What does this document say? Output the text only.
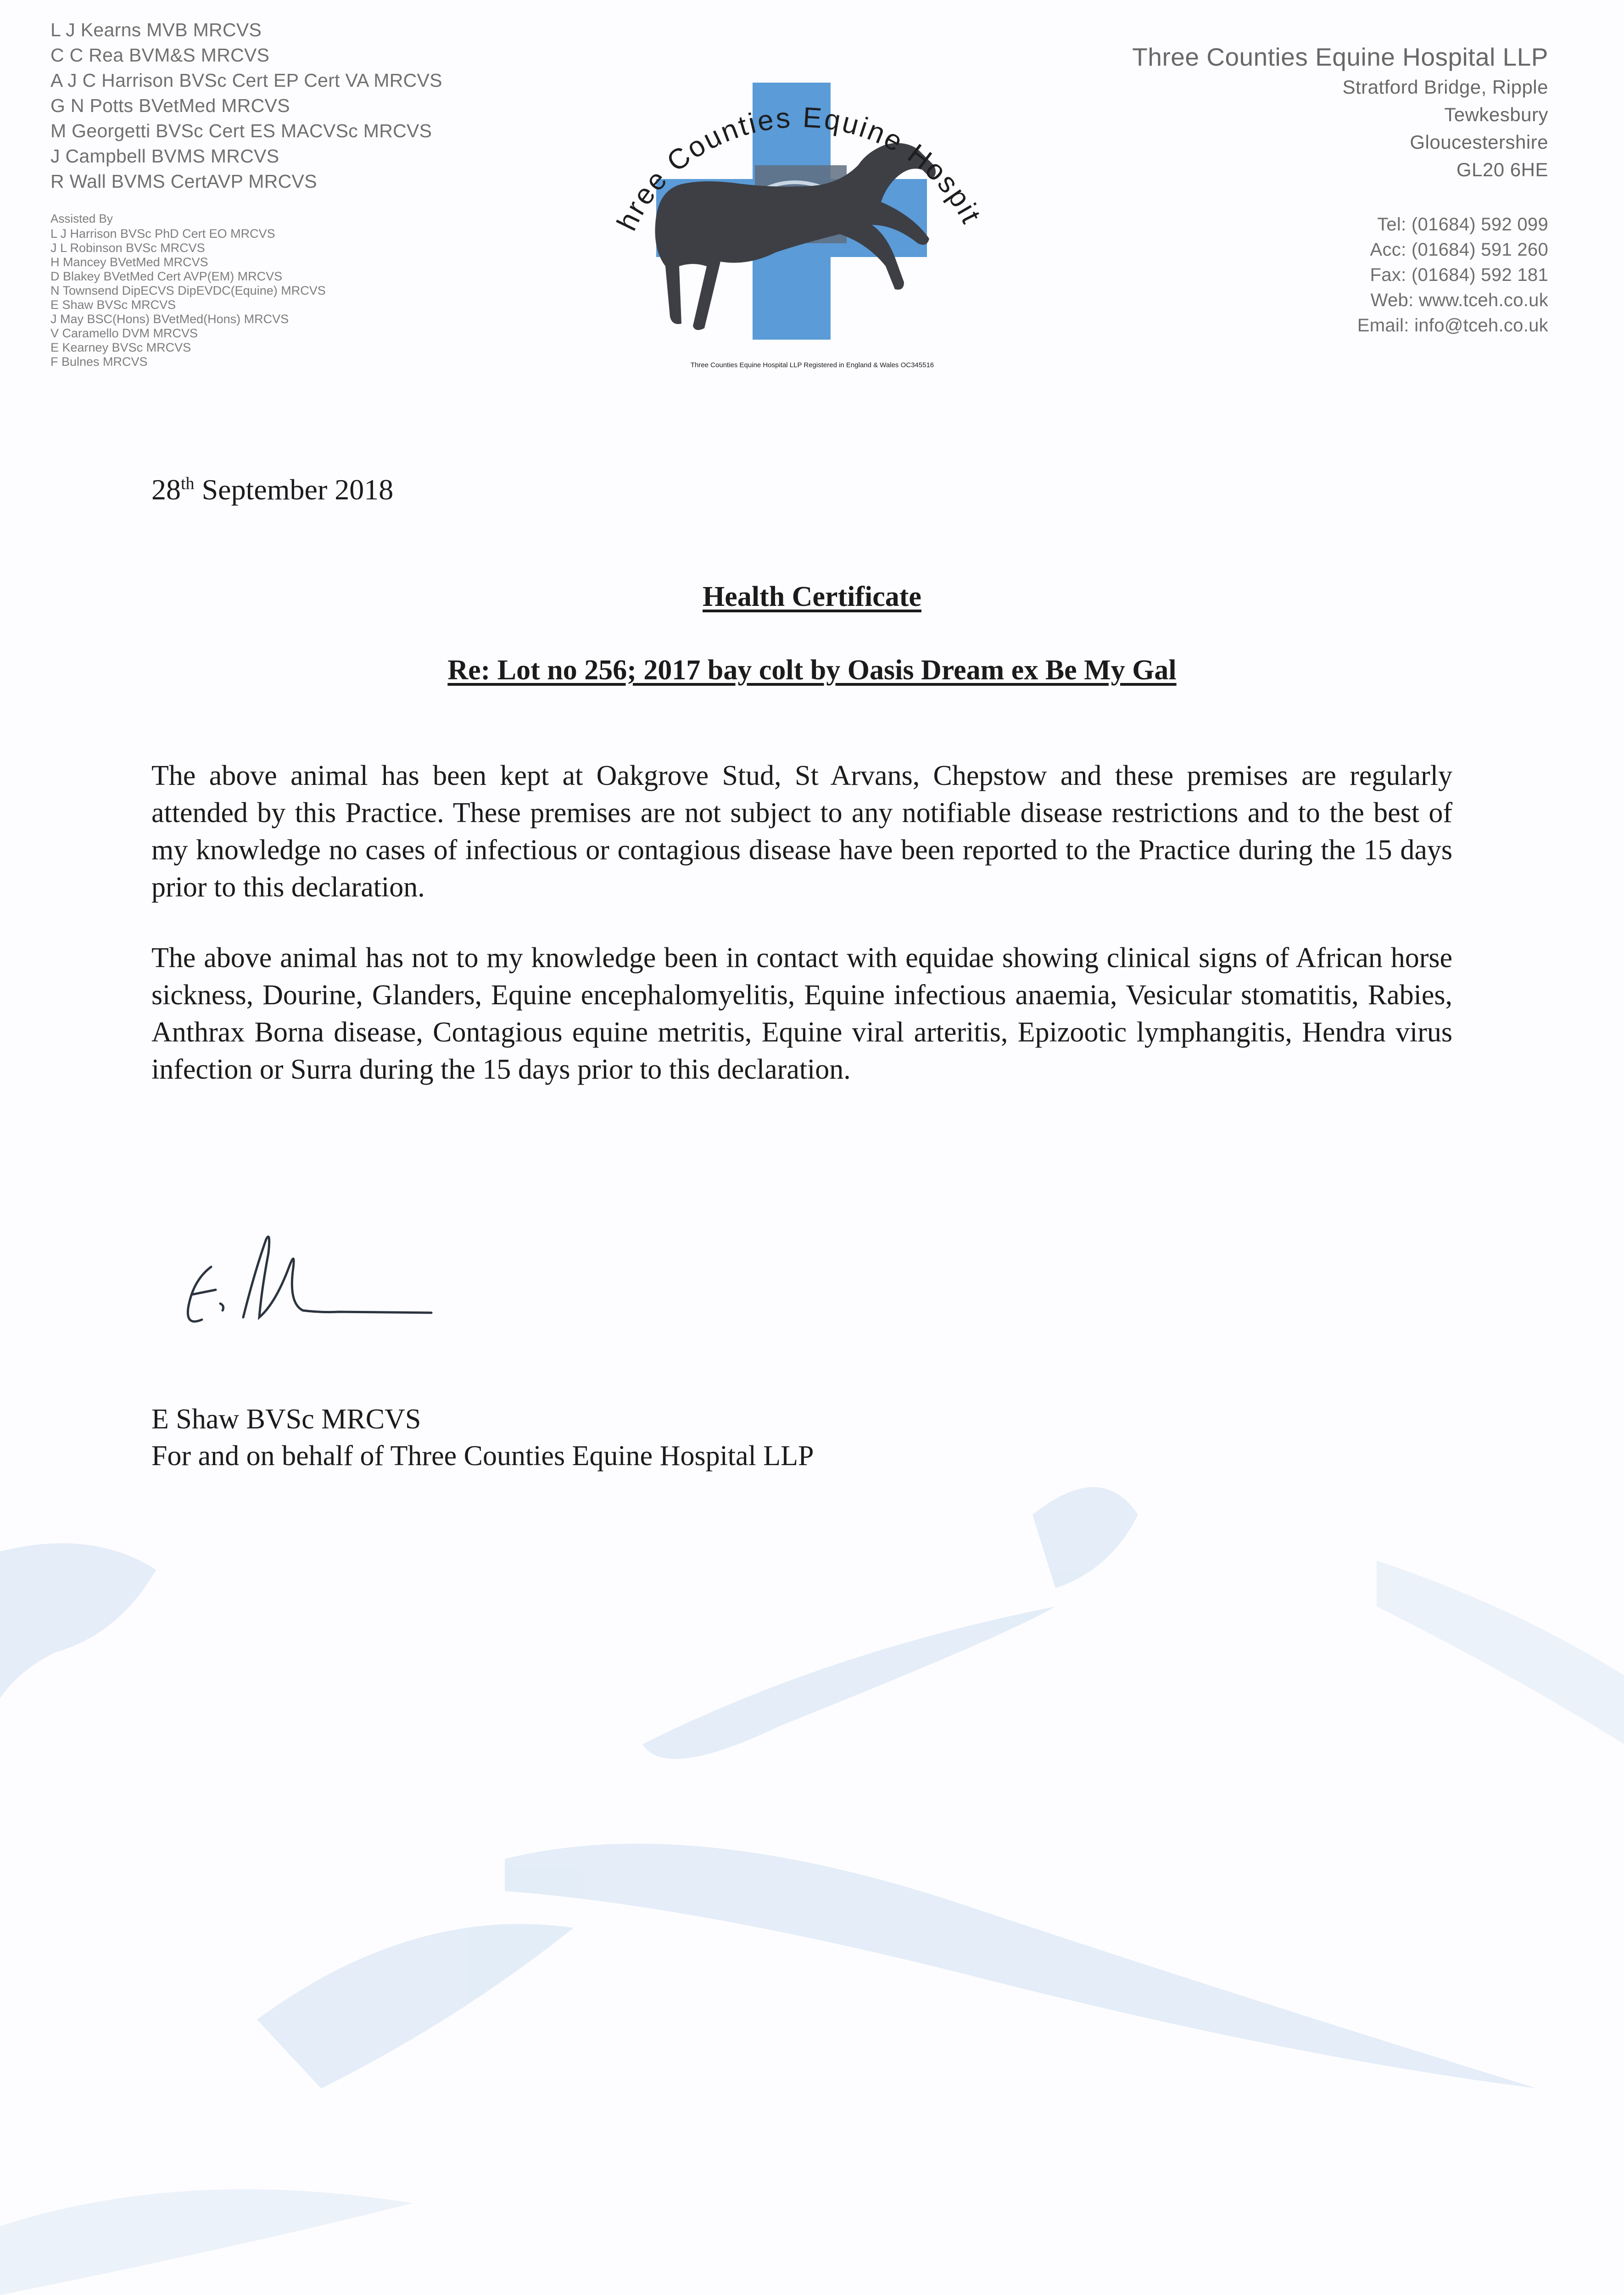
L J Kearns MVB MRCVS
C C Rea BVM&S MRCVS
A J C Harrison BVSc Cert EP Cert VA MRCVS
G N Potts BVetMed MRCVS
M Georgetti BVSc Cert ES MACVSc MRCVS
J Campbell BVMS MRCVS
R Wall BVMS CertAVP MRCVS
Assisted By
L J Harrison BVSc PhD Cert EO MRCVS
J L Robinson BVSc MRCVS
H Mancey BVetMed MRCVS
D Blakey BVetMed Cert AVP(EM) MRCVS
N Townsend DipECVS DipEVDC(Equine) MRCVS
E Shaw BVSc MRCVS
J May BSC(Hons) BVetMed(Hons) MRCVS
V Caramello DVM MRCVS
E Kearney BVSc MRCVS
F Bulnes MRCVS
hree Counties Equine Hospit
Three Counties Equine Hospital LLP Registered in England & Wales OC345516
Three Counties Equine Hospital LLP
Stratford Bridge, Ripple
Tewkesbury
Gloucestershire
GL20 6HE
Tel: (01684) 592 099
Acc: (01684) 591 260
Fax: (01684) 592 181
Web: www.tceh.co.uk
Email: info@tceh.co.uk
28th September 2018
Health Certificate
Re: Lot no 256; 2017 bay colt by Oasis Dream ex Be My Gal

The above animal has been kept at Oakgrove Stud, St Arvans, Chepstow and these premises are regularly attended by this Practice. These premises are not subject to any notifiable disease restrictions and to the best of my knowledge no cases of infectious or contagious disease have been reported to the Practice during the 15 days prior to this declaration.

The above animal has not to my knowledge been in contact with equidae showing clinical signs of African horse sickness, Dourine, Glanders, Equine encephalomyelitis, Equine infectious anaemia, Vesicular stomatitis, Rabies, Anthrax Borna disease, Contagious equine metritis, Equine viral arteritis, Epizootic lymphangitis, Hendra virus infection or Surra during the 15 days prior to this declaration.

E Shaw BVSc MRCVS
For and on behalf of Three Counties Equine Hospital LLP
